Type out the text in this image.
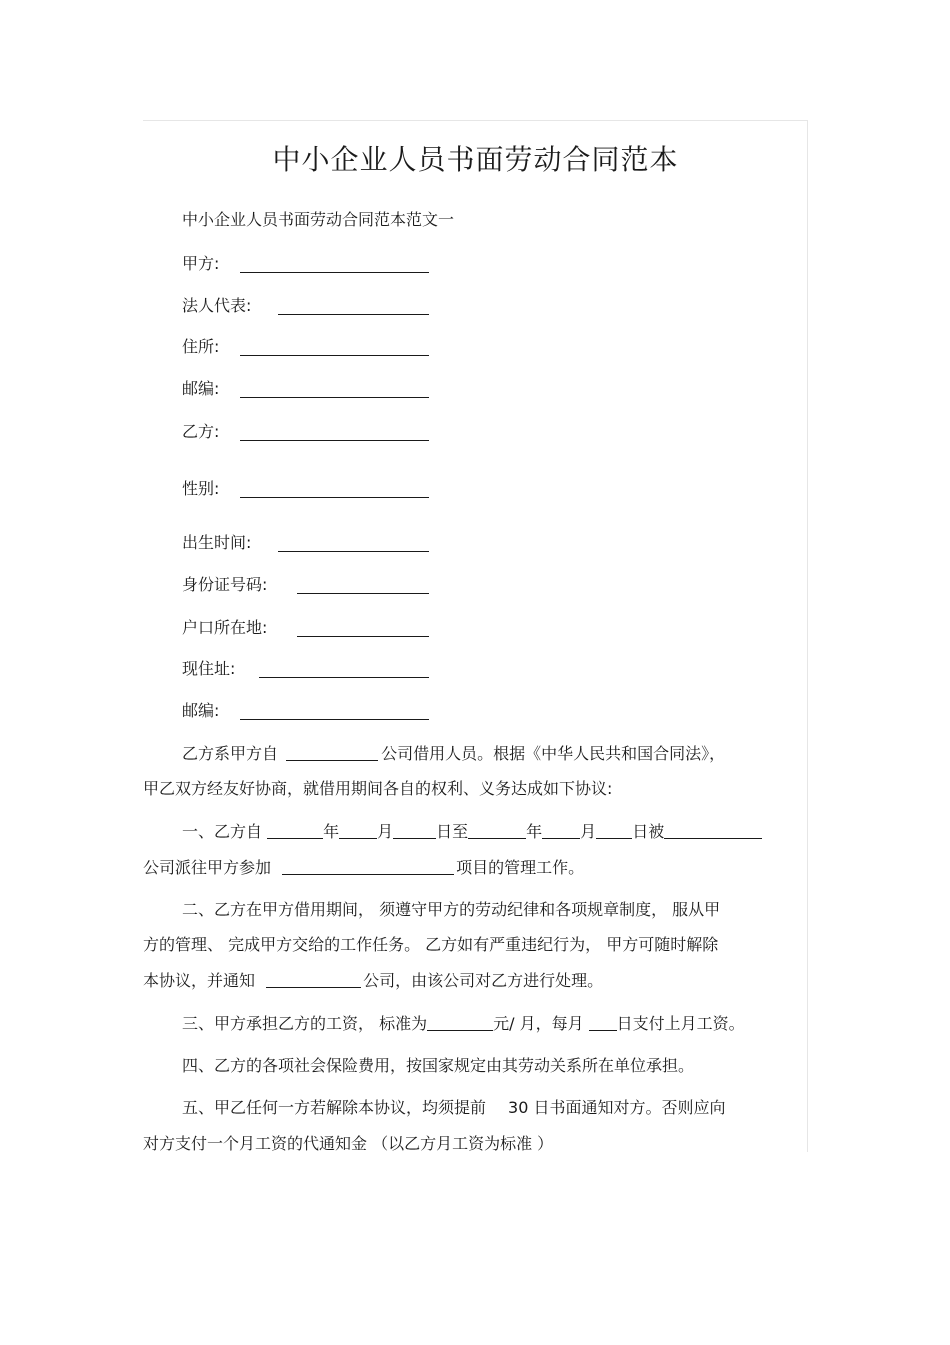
中小企业人员书面劳动合同范本
中小企业人员书面劳动合同范本范文一
甲方:
法人代表:
住所:
邮编:
乙方:
性别:
出生时间:
身份证号码:
户口所在地:
现住址:
邮编:
乙方系甲方自	公司借用人员。根据《中华人民共和国合同法》，
甲乙双方经友好协商，就借用期间各自的权利、义务达成如下协议:
一、乙方自	年 月	日至	年 月 日被
公司派往甲方参加	项目的管理工作。
二、乙方在甲方借用期间， 须遵守甲方的劳动纪律和各项规章制度， 服从甲
方的管理、 完成甲方交给的工作任务。 乙方如有严重违纪行为， 甲方可随时解除
本协议，并通知	公司，由该公司对乙方进行处理。
三、甲方承担乙方的工资， 标准为	元/ 月，每月 日支付上月工资。
四、乙方的各项社会保险费用，按国家规定由其劳动关系所在单位承担。
五、甲乙任何一方若解除本协议，均须提前 30 日书面通知对方。否则应向
对方支付一个月工资的代通知金 （以乙方月工资为标准 ）
